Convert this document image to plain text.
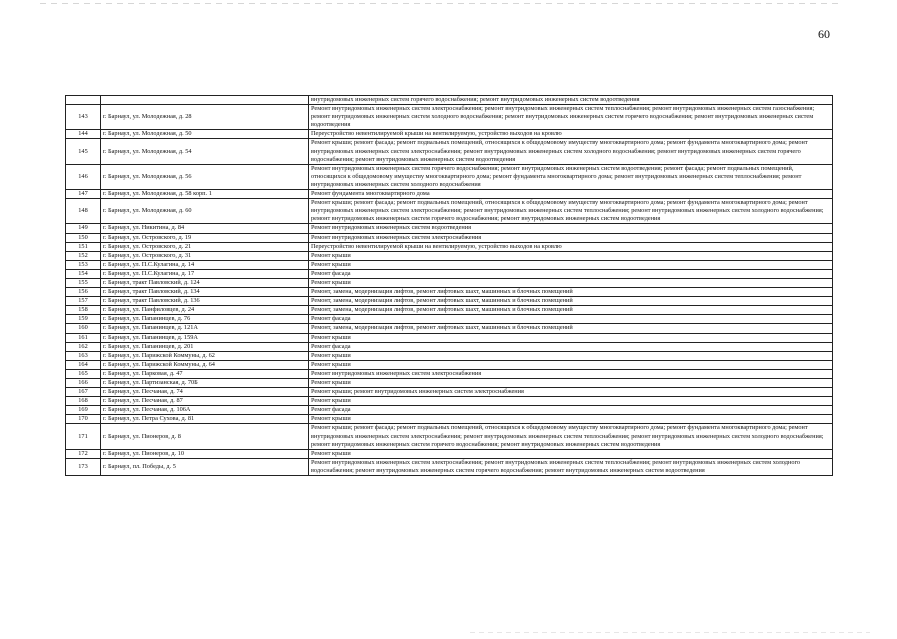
60
		внутридомовых инженерных систем горячего водоснабжения; ремонт внутридомовых инженерных систем водоотведения
143	г. Барнаул, ул. Молодежная, д. 28	Ремонт внутридомовых инженерных систем электроснабжения; ремонт внутридомовых инженерных систем теплоснабжения; ремонт внутридомовых инженерных систем газоснабжения; ремонт внутридомовых инженерных систем холодного водоснабжения; ремонт внутридомовых инженерных систем горячего водоснабжения; ремонт внутридомовых инженерных систем водоотведения
144	г. Барнаул, ул. Молодежная, д. 50	Переустройство невентилируемой крыши на вентилируемую, устройство выходов на кровлю
145	г. Барнаул, ул. Молодежная, д. 54	Ремонт крыши; ремонт фасада; ремонт подвальных помещений, относящихся к общедомовому имуществу многоквартирного дома; ремонт фундамента многоквартирного дома; ремонт внутридомовых инженерных систем электроснабжения; ремонт внутридомовых инженерных систем холодного водоснабжения; ремонт внутридомовых инженерных систем горячего водоснабжения; ремонт внутридомовых инженерных систем водоотведения
146	г. Барнаул, ул. Молодежная, д. 56	Ремонт внутридомовых инженерных систем горячего водоснабжения; ремонт внутридомовых инженерных систем водоотведения; ремонт фасада; ремонт подвальных помещений, относящихся к общедомовому имуществу многоквартирного дома; ремонт фундамента многоквартирного дома; ремонт внутридомовых инженерных систем теплоснабжения; ремонт внутридомовых инженерных систем холодного водоснабжения
147	г. Барнаул, ул. Молодежная, д. 58 корп. 1	Ремонт фундамента многоквартирного дома
148	г. Барнаул, ул. Молодежная, д. 60	Ремонт крыши; ремонт фасада; ремонт подвальных помещений, относящихся к общедомовому имуществу многоквартирного дома; ремонт фундамента многоквартирного дома; ремонт внутридомовых инженерных систем электроснабжения; ремонт внутридомовых инженерных систем теплоснабжения; ремонт внутридомовых инженерных систем холодного водоснабжения; ремонт внутридомовых инженерных систем горячего водоснабжения; ремонт внутридомовых инженерных систем водоотведения
149	г. Барнаул, ул. Никитина, д. 84	Ремонт внутридомовых инженерных систем водоотведения
150	г. Барнаул, ул. Островского, д. 19	Ремонт внутридомовых инженерных систем электроснабжения
151	г. Барнаул, ул. Островского, д. 21	Переустройство невентилируемой крыши на вентилируемую, устройство выходов на кровлю
152	г. Барнаул, ул. Островского, д. 31	Ремонт крыши
153	г. Барнаул, ул. П.С.Кулагина, д. 14	Ремонт крыши
154	г. Барнаул, ул. П.С.Кулагина, д. 17	Ремонт фасада
155	г. Барнаул, тракт Павловский, д. 124	Ремонт крыши
156	г. Барнаул, тракт Павловский, д. 134	Ремонт, замена, модернизация лифтов, ремонт лифтовых шахт, машинных и блочных помещений
157	г. Барнаул, тракт Павловский, д. 136	Ремонт, замена, модернизация лифтов, ремонт лифтовых шахт, машинных и блочных помещений
158	г. Барнаул, ул. Панфиловцев, д. 24	Ремонт, замена, модернизация лифтов, ремонт лифтовых шахт, машинных и блочных помещений
159	г. Барнаул, ул. Папанинцев, д. 76	Ремонт фасада
160	г. Барнаул, ул. Папанинцев, д. 121А	Ремонт, замена, модернизация лифтов, ремонт лифтовых шахт, машинных и блочных помещений
161	г. Барнаул, ул. Папанинцев, д. 159А	Ремонт крыши
162	г. Барнаул, ул. Папанинцев, д. 201	Ремонт фасада
163	г. Барнаул, ул. Парижской Коммуны, д. 62	Ремонт крыши
164	г. Барнаул, ул. Парижской Коммуны, д. 64	Ремонт крыши
165	г. Барнаул, ул. Парковая, д. 47	Ремонт внутридомовых инженерных систем электроснабжения
166	г. Барнаул, ул. Партизанская, д. 70Б	Ремонт крыши
167	г. Барнаул, ул. Песчаная, д. 74	Ремонт крыши; ремонт внутридомовых инженерных систем электроснабжения
168	г. Барнаул, ул. Песчаная, д. 87	Ремонт крыши
169	г. Барнаул, ул. Песчаная, д. 106А	Ремонт фасада
170	г. Барнаул, ул. Петра Сухова, д. 81	Ремонт крыши
171	г. Барнаул, ул. Пионеров, д. 8	Ремонт крыши; ремонт фасада; ремонт подвальных помещений, относящихся к общедомовому имуществу многоквартирного дома; ремонт фундамента многоквартирного дома; ремонт внутридомовых инженерных систем электроснабжения; ремонт внутридомовых инженерных систем теплоснабжения; ремонт внутридомовых инженерных систем холодного водоснабжения; ремонт внутридомовых инженерных систем горячего водоснабжения; ремонт внутридомовых инженерных систем водоотведения
172	г. Барнаул, ул. Пионеров, д. 10	Ремонт крыши
173	г. Барнаул, пл. Победы, д. 5	Ремонт внутридомовых инженерных систем электроснабжения; ремонт внутридомовых инженерных систем теплоснабжения; ремонт внутридомовых инженерных систем холодного водоснабжения; ремонт внутридомовых инженерных систем горячего водоснабжения; ремонт внутридомовых инженерных систем водоотведения
